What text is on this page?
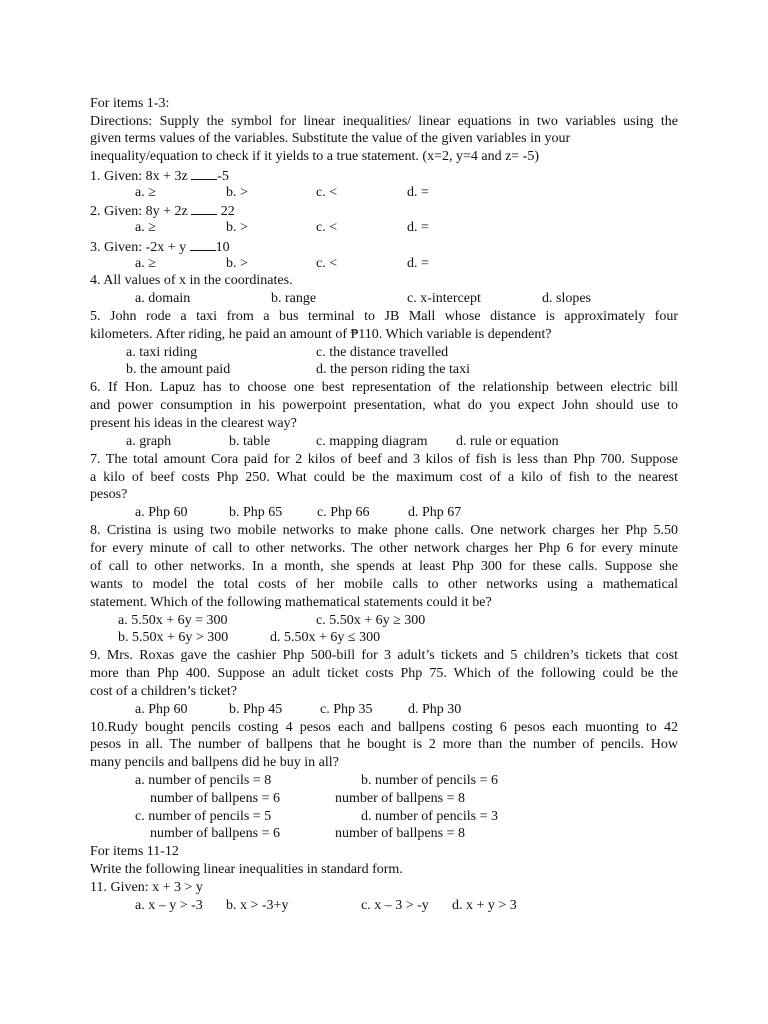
For items 1-3:
Directions: Supply the symbol for linear inequalities/ linear equations in two variables using the
given terms values of the variables. Substitute the value of the given variables in your
inequality/equation to check if it yields to a true statement. (x=2, y=4 and z= -5)
1. Given: 8x + 3z -5
a. ≥	b. >	c. <	d. =
2. Given: 8y + 2z  22
a. ≥	b. >	c. <	d. =
3. Given: -2x + y 10
a. ≥	b. >	c. <	d. =
4. All values of x in the coordinates.
a. domain	b. range	c. x-intercept	d. slopes
5. John rode a taxi from a bus terminal to JB Mall whose distance is approximately four
kilometers. After riding, he paid an amount of ₱110. Which variable is dependent?
a. taxi riding	c. the distance travelled
b. the amount paid	d. the person riding the taxi
6. If Hon. Lapuz has to choose one best representation of the relationship between electric bill
and power consumption in his powerpoint presentation, what do you expect John should use to
present his ideas in the clearest way?
a. graph	b. table	c. mapping diagram d. rule or equation
7. The total amount Cora paid for 2 kilos of beef and 3 kilos of fish is less than Php 700. Suppose
a kilo of beef costs Php 250. What could be the maximum cost of a kilo of fish to the nearest
pesos?
a. Php 60	b. Php 65 c. Php 66	d. Php 67
8. Cristina is using two mobile networks to make phone calls. One network charges her Php 5.50
for every minute of call to other networks. The other network charges her Php 6 for every minute
of call to other networks. In a month, she spends at least Php 300 for these calls. Suppose she
wants to model the total costs of her mobile calls to other networks using a mathematical
statement. Which of the following mathematical statements could it be?
a. 5.50x + 6y = 300	c. 5.50x + 6y ≥ 300
b. 5.50x + 6y > 300	d. 5.50x + 6y ≤ 300
9. Mrs. Roxas gave the cashier Php 500-bill for 3 adult’s tickets and 5 children’s tickets that cost
more than Php 400. Suppose an adult ticket costs Php 75. Which of the following could be the
cost of a children’s ticket?
a. Php 60	b. Php 45	c. Php 35	d. Php 30
10.Rudy bought pencils costing 4 pesos each and ballpens costing 6 pesos each muonting to 42
pesos in all. The number of ballpens that he bought is 2 more than the number of pencils. How
many pencils and ballpens did he buy in all?
a. number of pencils = 8	b. number of pencils = 6
number of ballpens = 6	number of ballpens = 8
c. number of pencils = 5	d. number of pencils = 3
number of ballpens = 6	number of ballpens = 8
For items 11-12
Write the following linear inequalities in standard form.
11. Given: x + 3 > y
a. x – y > -3 b. x > -3+y	c. x – 3 > -y d. x + y > 3
